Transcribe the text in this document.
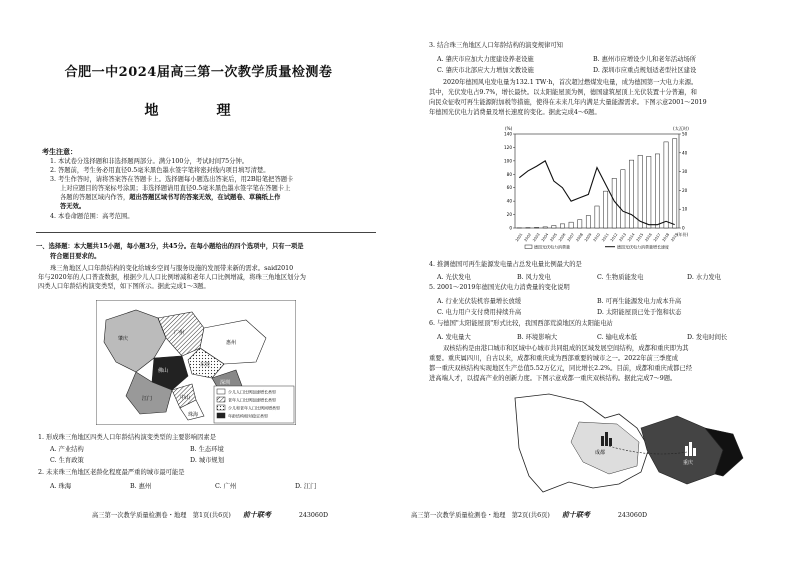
合肥一中2024届高三第一次教学质量检测卷
地　理
考生注意：
1. 本试卷分选择题和非选择题两部分。满分100分，考试时间75分钟。
2. 答题前，考生务必用直径0.5毫米黑色墨水签字笔将密封线内项目填写清楚。
3. 考生作答时，请将答案答在答题卡上。选择题每小题选出答案后，用2B铅笔把答题卡
上对应题目的答案标号涂黑；非选择题请用直径0.5毫米黑色墨水签字笔在答题卡上
各题的答题区域内作答，超出答题区域书写的答案无效，在试题卷、草稿纸上作
答无效。
4. 本卷命题范围：高考范围。
一、选择题：本大题共15小题，每小题3分，共45分。在每小题给出的四个选项中，只有一项是
符合题目要求的。
珠三角地区人口年龄结构的变化给城乡空间与服务设施的发展带来新的需求。said2010
年与2020年的人口普查数据，根据少儿人口比例增减和老年人口比例增减，将珠三角地区划分为
四类人口年龄结构演变类型，如下图所示。据此完成1～3题。
肇庆
广州
惠州
佛山
东莞
深圳
中山
江门
珠海
少儿人口比例加速增长类型
老年人口比例加速增长类型
少儿和老年人口比例同增类型
年龄结构相对稳定类型
1. 形成珠三角地区四类人口年龄结构演变类型的主要影响因素是
A. 产业结构	B. 生态环境
C. 生育政策	D. 城市规划
2. 未来珠三角地区老龄化程度最严重的城市最可能是
A. 珠海	B. 惠州	C. 广州	D. 江门
高三第一次教学质量检测卷・地理　第1页(共6页) 前十联考	243060D
3. 结合珠三角地区人口年龄结构的演变规律可知
A. 肇庆市应加大力度建设养老设施	B. 惠州市应增设少儿和老年活动场所
C. 肇庆市北部应大力增加文教设施	D. 深圳市应重点规划适老型社区建设
2020年德国风电发电量为132.1 TW·h，首次超过燃煤发电量，成为德国第一大电力来源。
其中，光伏发电占9.7%，增长最快。以太阳能屋顶为例，德国建筑屋顶上光伏装置十分普遍，和
向民众征收可再生能源附加税等措施，使得在未来几年内满足大量能源需求。下图示意2001～2019
年德国光伏电力消费量及增长速度的变化。据此完成4～6题。
0
20
40
60
80
100
120
140
0
10
20
30
40
50
(%)	(太瓦时)
2001 2002 2003 2004 2005 2006 2007 2008 2009 2010 2011 2012 2013 2014 2015 2016 2017 2018 2019
(年份)
德国光伏电力消费量	德国光伏电力消费量增长速度
4. 推测德国可再生能源发电量占总发电量比例最大的是
A. 光伏发电	B. 风力发电	C. 生物质能发电	D. 水力发电
5. 2001～2019年德国光伏电力消费量的变化说明
A. 行业光伏装机容量增长放缓	B. 可再生能源发电力成本升高
C. 电力用户支付费用持续升高	D. 太阳能屋顶已处于饱和状态
6. 与德国"太阳能屋顶"形式比较，我国西部荒漠地区的太阳能电站
A. 发电量大	B. 环境影响大	C. 输电成本低	D. 发电时间长
双核结构是由港口城市和区域中心城市共同组成的区域发展空间结构，成都和重庆即为其
重要。重庆属四川，自古以来，成都和重庆成为西部重要的城市之一。2022年前三季度成
都一重庆双核结构实现地区生产总值5.52万亿元，同比增长2.2%。目前，成都和重庆成都已经
进高端人才，以提高产业的创新力度。下图示意成都一重庆双核结构。据此完成7～9题。
成都
重庆
高三第一次教学质量检测卷・地理　第2页(共6页) 前十联考	243060D
